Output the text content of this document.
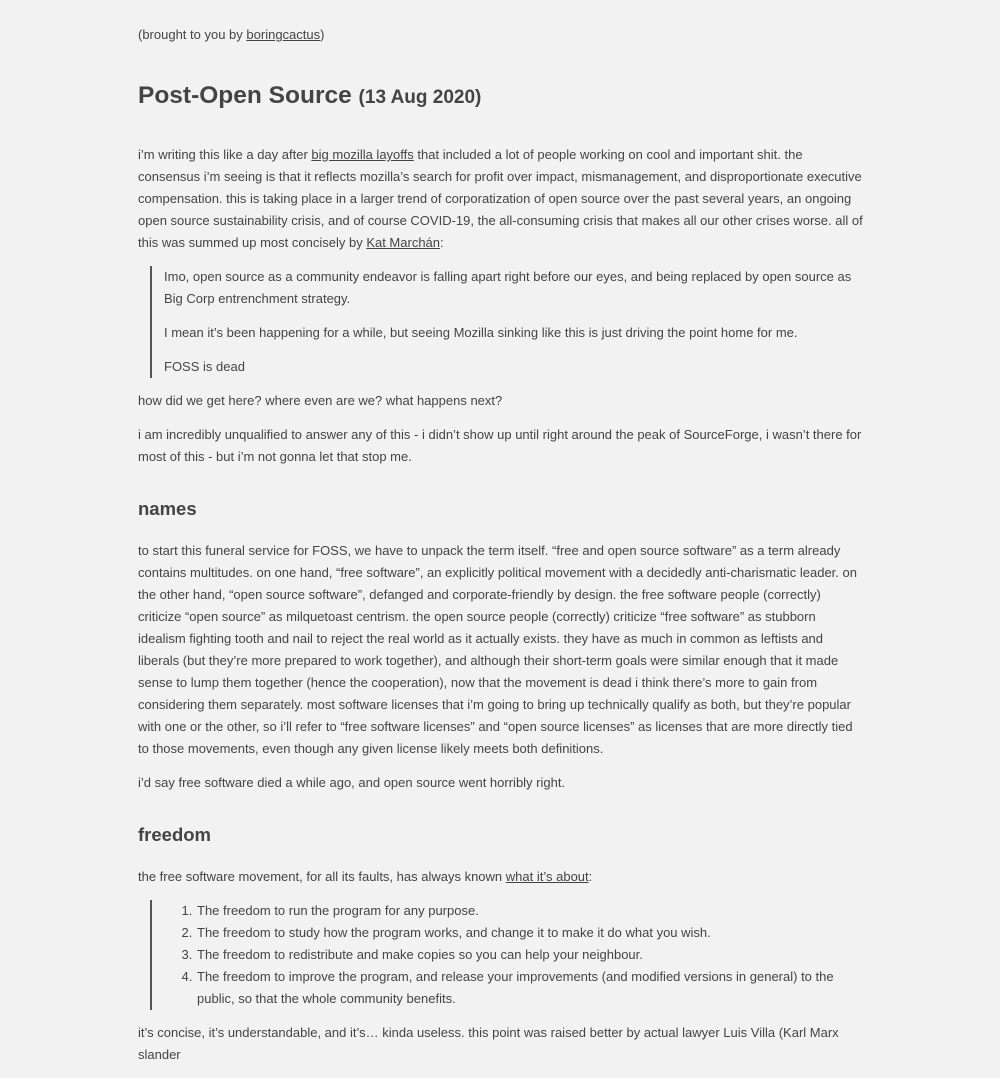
(brought to you by boringcactus)

Post-Open Source (13 Aug 2020)

i’m writing this like a day after big mozilla layoffs that included a lot of people working on cool and important shit. the consensus i’m seeing is that it reflects mozilla’s search for profit over impact, mismanagement, and disproportionate executive compensation. this is taking place in a larger trend of corporatization of open source over the past several years, an ongoing open source sustainability crisis, and of course COVID-19, the all-consuming crisis that makes all our other crises worse. all of this was summed up most concisely by Kat Marchán:

Imo, open source as a community endeavor is falling apart right before our eyes, and being replaced by open source as Big Corp entrenchment strategy.

I mean it’s been happening for a while, but seeing Mozilla sinking like this is just driving the point home for me.

FOSS is dead

how did we get here? where even are we? what happens next?

i am incredibly unqualified to answer any of this - i didn’t show up until right around the peak of SourceForge, i wasn’t there for most of this - but i’m not gonna let that stop me.

names

to start this funeral service for FOSS, we have to unpack the term itself. “free and open source software” as a term already contains multitudes. on one hand, “free software”, an explicitly political movement with a decidedly anti-charismatic leader. on the other hand, “open source software”, defanged and corporate-friendly by design. the free software people (correctly) criticize “open source” as milquetoast centrism. the open source people (correctly) criticize “free software” as stubborn idealism fighting tooth and nail to reject the real world as it actually exists. they have as much in common as leftists and liberals (but they’re more prepared to work together), and although their short-term goals were similar enough that it made sense to lump them together (hence the cooperation), now that the movement is dead i think there’s more to gain from considering them separately. most software licenses that i’m going to bring up technically qualify as both, but they’re popular with one or the other, so i’ll refer to “free software licenses” and “open source licenses” as licenses that are more directly tied to those movements, even though any given license likely meets both definitions.

i’d say free software died a while ago, and open source went horribly right.

freedom

the free software movement, for all its faults, has always known what it’s about:

1. The freedom to run the program for any purpose.
2. The freedom to study how the program works, and change it to make it do what you wish.
3. The freedom to redistribute and make copies so you can help your neighbour.
4. The freedom to improve the program, and release your improvements (and modified versions in general) to the public, so that the whole community benefits.

it’s concise, it’s understandable, and it’s… kinda useless. this point was raised better by actual lawyer Luis Villa (Karl Marx slander
